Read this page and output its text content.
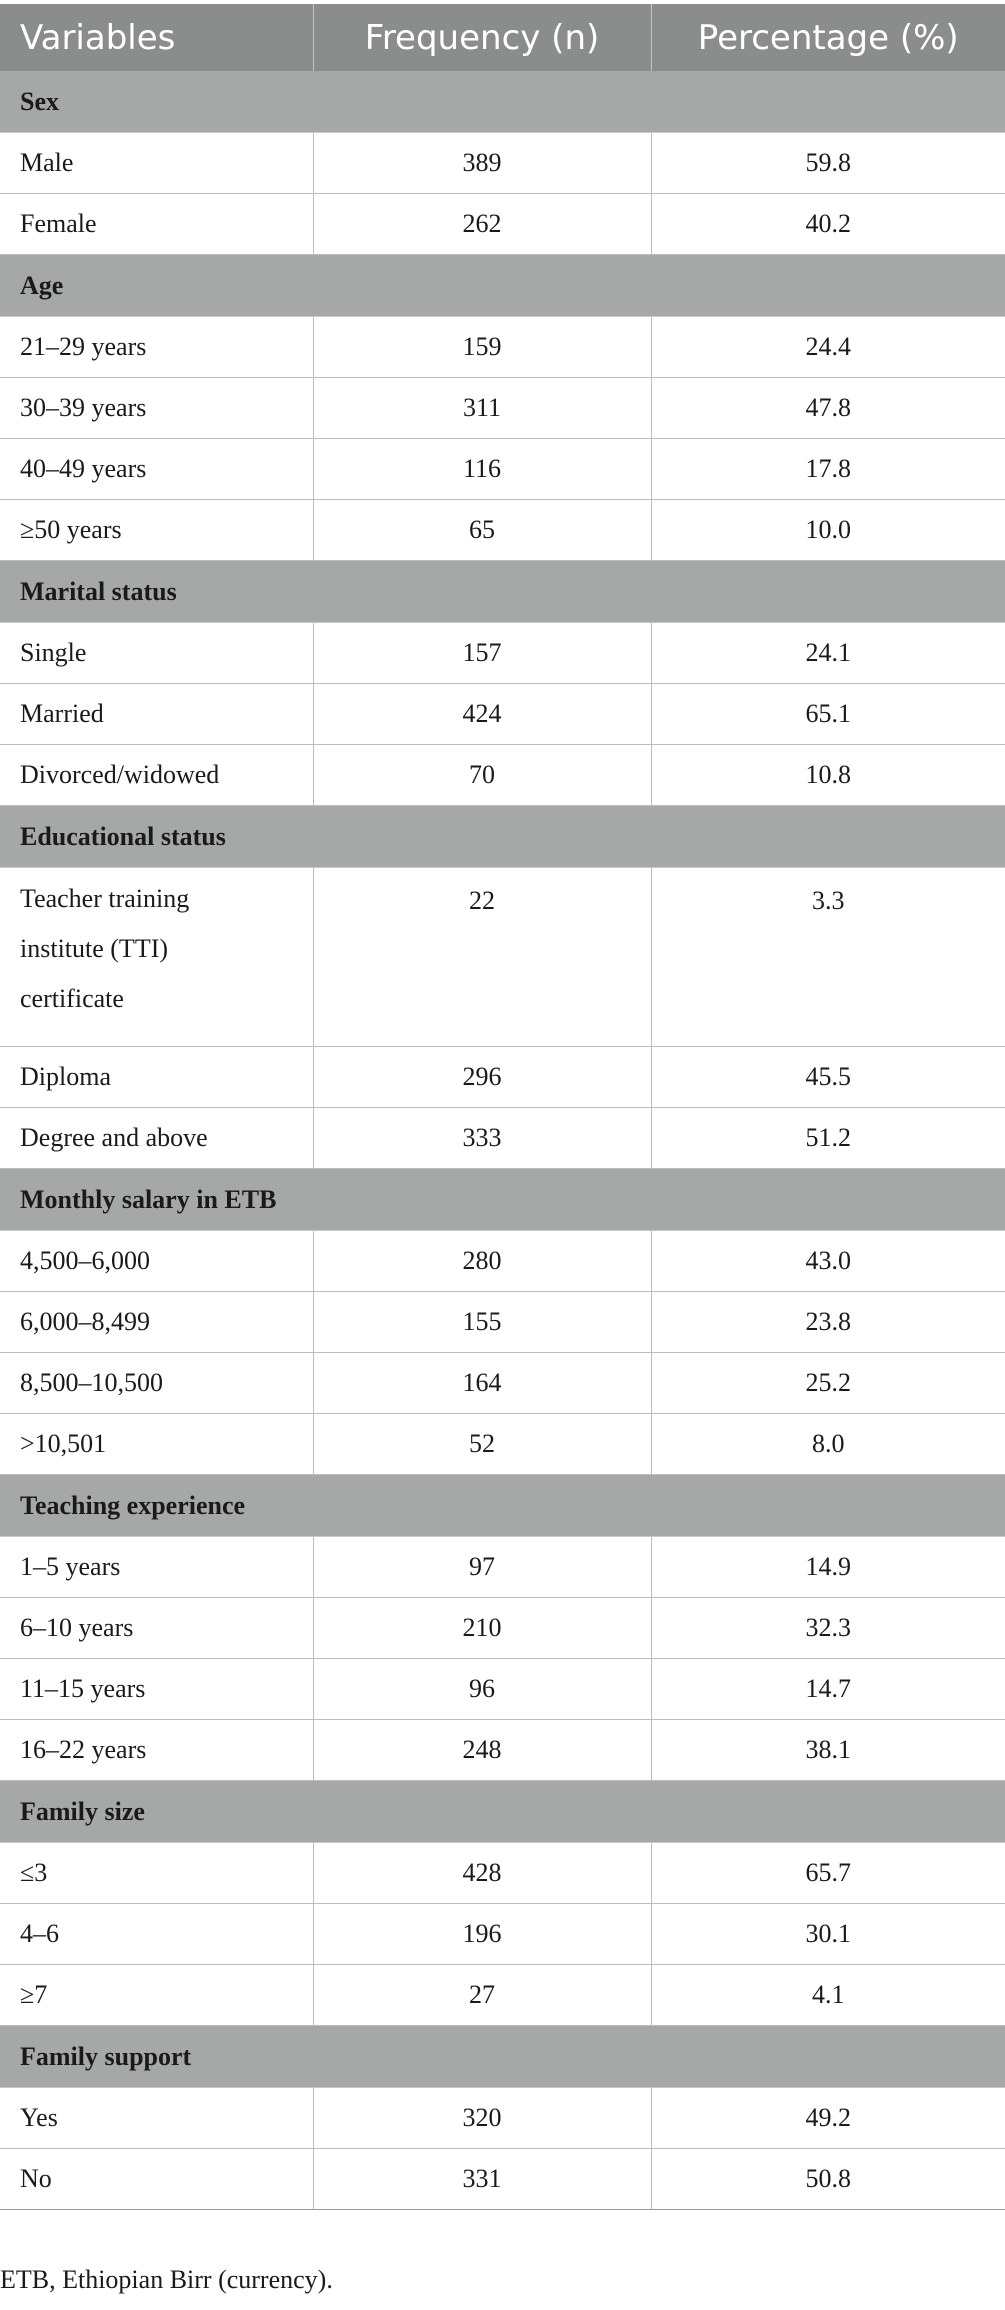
Variables	Frequency (n)	Percentage (%)
Sex		
Male	389	59.8
Female	262	40.2
Age		
21–29 years	159	24.4
30–39 years	311	47.8
40–49 years	116	17.8
≥50 years	65	10.0
Marital status		
Single	157	24.1
Married	424	65.1
Divorced/widowed	70	10.8
Educational status		
Teacher training institute (TTI) certificate	22	3.3
Diploma	296	45.5
Degree and above	333	51.2
Monthly salary in ETB		
4,500–6,000	280	43.0
6,000–8,499	155	23.8
8,500–10,500	164	25.2
>10,501	52	8.0
Teaching experience		
1–5 years	97	14.9
6–10 years	210	32.3
11–15 years	96	14.7
16–22 years	248	38.1
Family size		
≤3	428	65.7
4–6	196	30.1
≥7	27	4.1
Family support		
Yes	320	49.2
No	331	50.8

ETB, Ethiopian Birr (currency).
